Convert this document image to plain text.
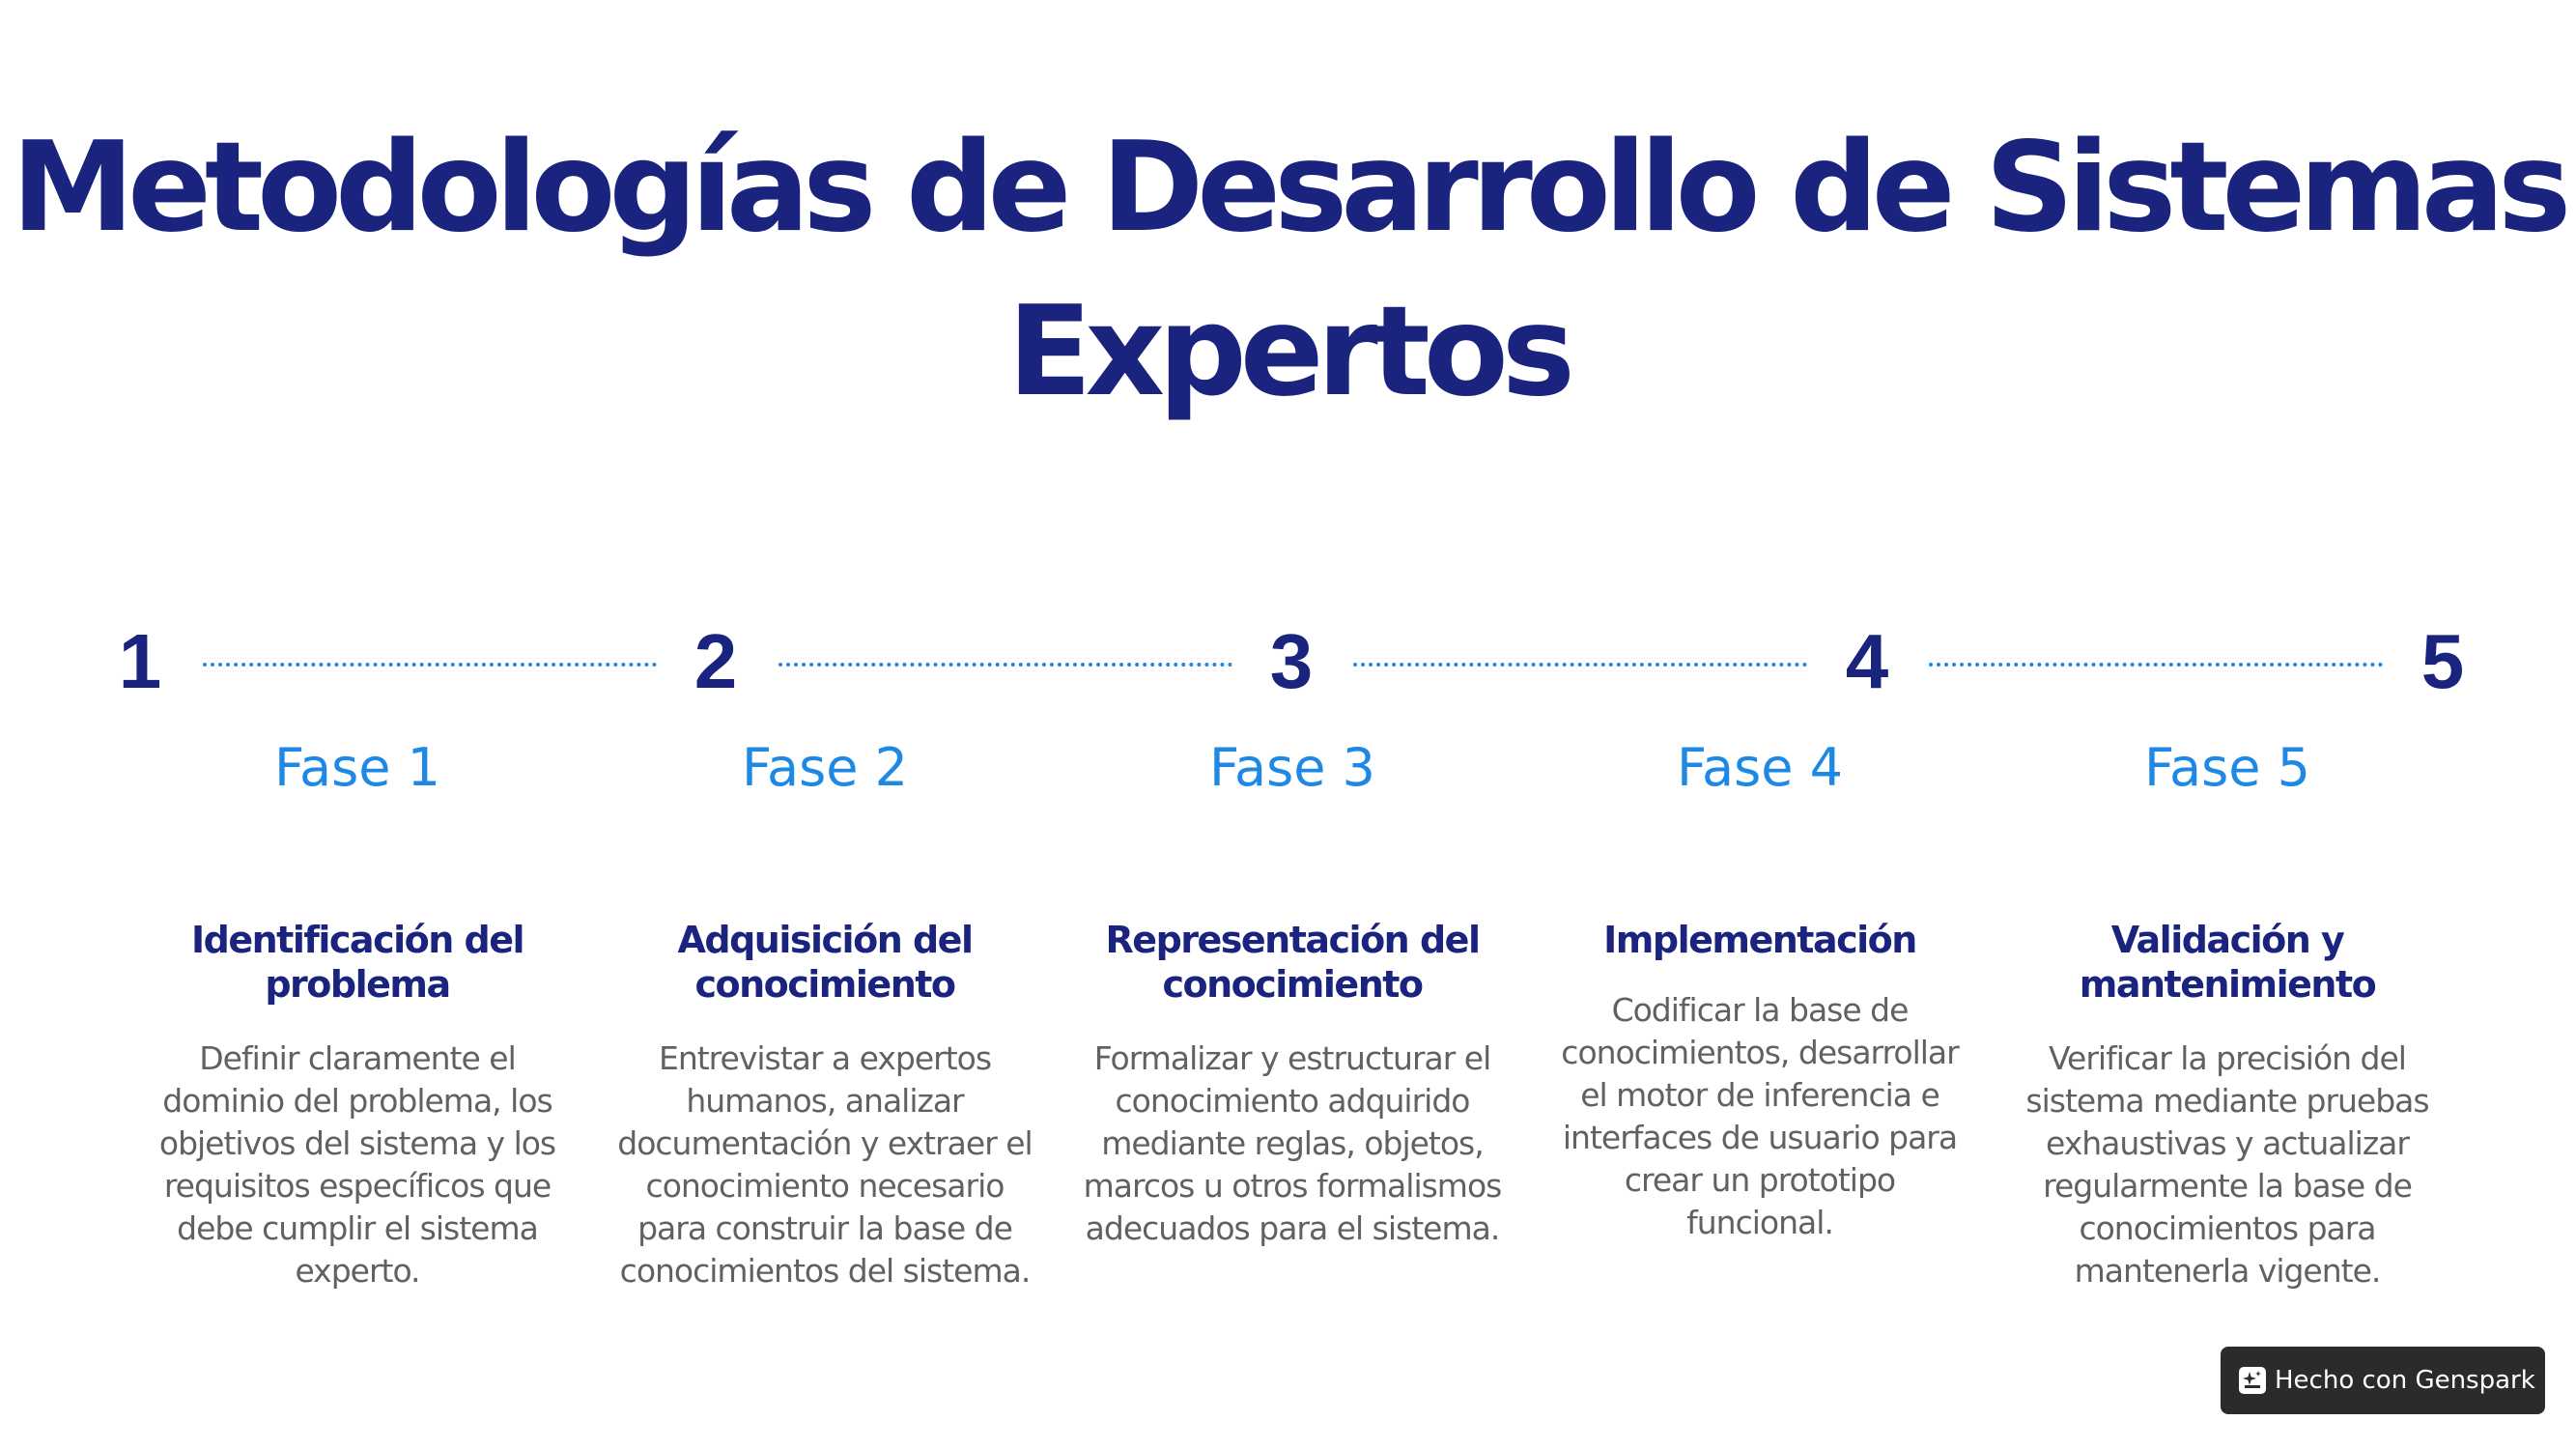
Metodologías de Desarrollo de Sistemas Expertos
1	2	3	4	5
Fase 1
Identificación del problema
Definir claramente el dominio del problema, los objetivos del sistema y los requisitos específicos que debe cumplir el sistema experto.
Fase 2
Adquisición del conocimiento
Entrevistar a expertos humanos, analizar documentación y extraer el conocimiento necesario para construir la base de conocimientos del sistema.
Fase 3
Representación del conocimiento
Formalizar y estructurar el conocimiento adquirido mediante reglas, objetos, marcos u otros formalismos adecuados para el sistema.
Fase 4
Implementación
Codificar la base de conocimientos, desarrollar el motor de inferencia e interfaces de usuario para crear un prototipo funcional.
Fase 5
Validación y mantenimiento
Verificar la precisión del sistema mediante pruebas exhaustivas y actualizar regularmente la base de conocimientos para mantenerla vigente.
Hecho con Genspark
